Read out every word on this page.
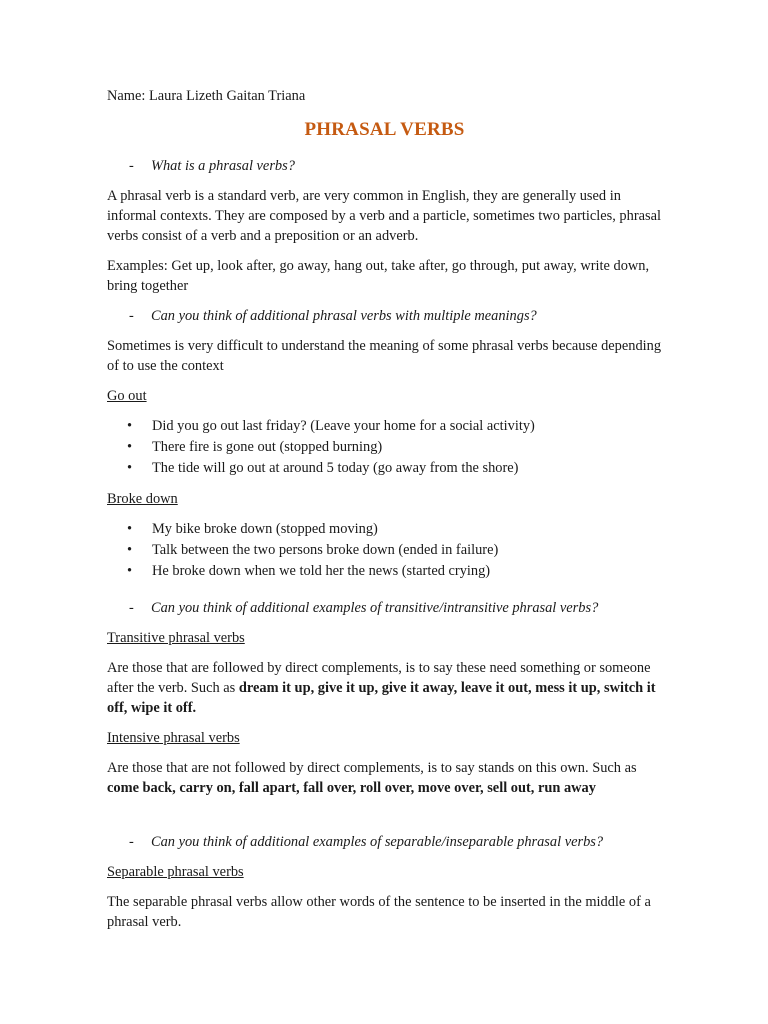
Name: Laura Lizeth Gaitan Triana
PHRASAL VERBS
-	What is a phrasal verbs?

A phrasal verb is a standard verb, are very common in English, they are generally used in informal contexts. They are composed by a verb and a particle, sometimes two particles, phrasal verbs consist of a verb and a preposition or an adverb.

Examples: Get up, look after, go away, hang out, take after, go through, put away, write down, bring together

-	Can you think of additional phrasal verbs with multiple meanings?

Sometimes is very difficult to understand the meaning of some phrasal verbs because depending of to use the context

Go out
• Did you go out last friday? (Leave your home for a social activity)
• There fire is gone out (stopped burning)
• The tide will go out at around 5 today (go away from the shore)
Broke down
• My bike broke down (stopped moving)
• Talk between the two persons broke down (ended in failure)
• He broke down when we told her the news (started crying)
-	Can you think of additional examples of transitive/intransitive phrasal verbs?
Transitive phrasal verbs

Are those that are followed by direct complements, is to say these need something or someone after the verb. Such as dream it up, give it up, give it away, leave it out, mess it up, switch it off, wipe it off.

Intensive phrasal verbs

Are those that are not followed by direct complements, is to say stands on this own. Such as come back, carry on, fall apart, fall over, roll over, move over, sell out, run away

-	Can you think of additional examples of separable/inseparable phrasal verbs?
Separable phrasal verbs

The separable phrasal verbs allow other words of the sentence to be inserted in the middle of a phrasal verb.
